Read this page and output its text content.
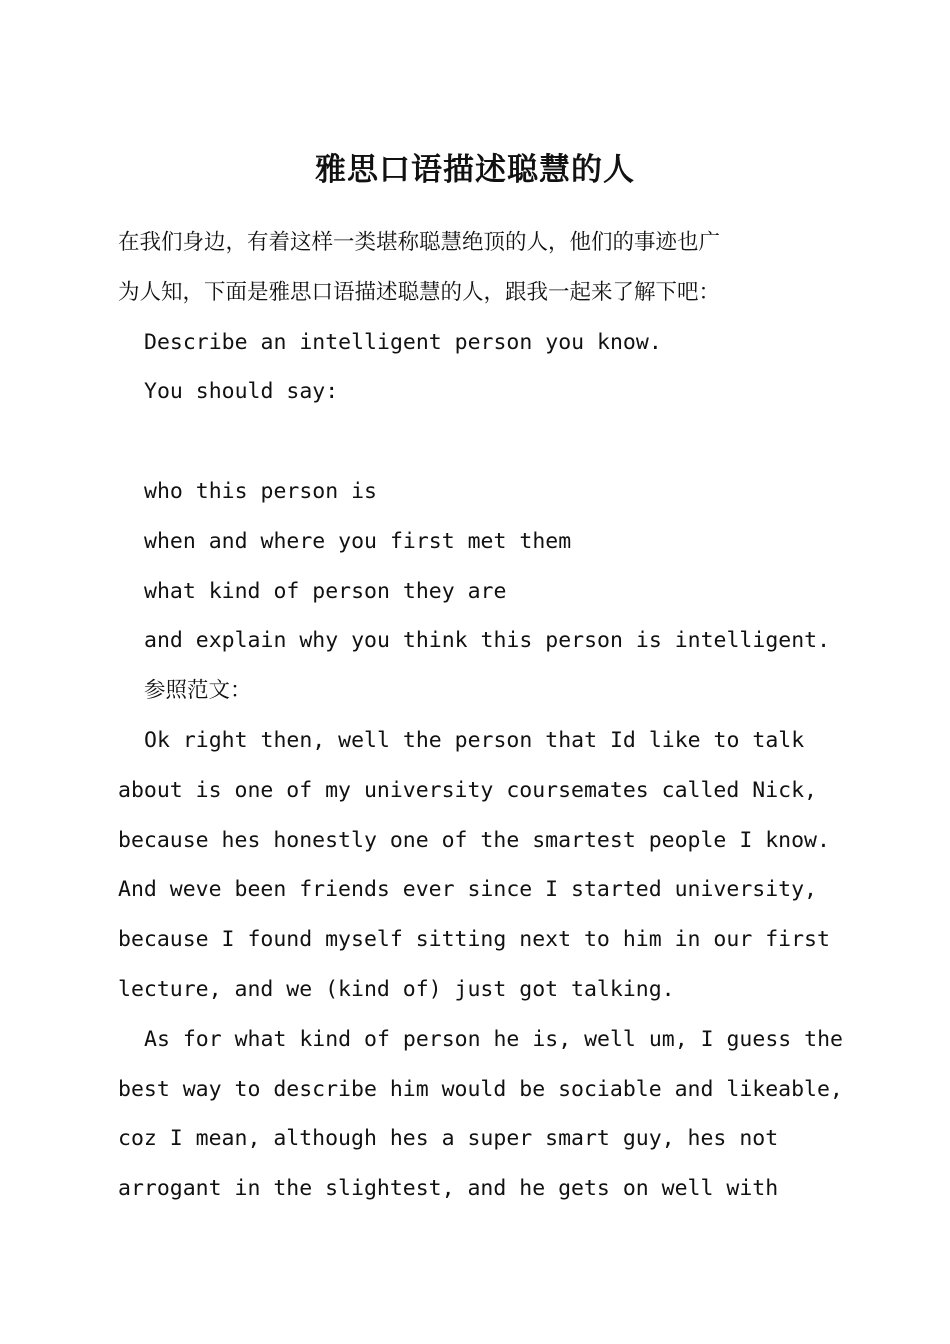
雅思口语描述聪慧的人
在我们身边，有着这样一类堪称聪慧绝顶的人，他们的事迹也广
为人知，下面是雅思口语描述聪慧的人，跟我一起来了解下吧：
Describe an intelligent person you know.
You should say:
who this person is
when and where you first met them
what kind of person they are
and explain why you think this person is intelligent.
参照范文：
Ok right then, well the person that Id like to talk
about is one of my university coursemates called Nick,
because hes honestly one of the smartest people I know.
And weve been friends ever since I started university,
because I found myself sitting next to him in our first
lecture, and we (kind of) just got talking.
As for what kind of person he is, well um, I guess the
best way to describe him would be sociable and likeable,
coz I mean, although hes a super smart guy, hes not
arrogant in the slightest, and he gets on well with
